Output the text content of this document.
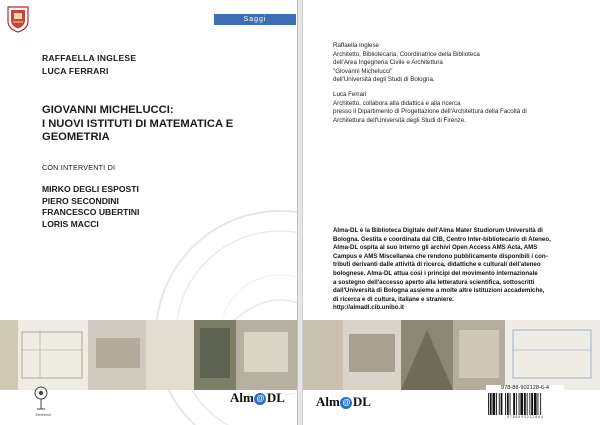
Saggi
RAFFAELLA INGLESE
LUCA FERRARI
GIOVANNI MICHELUCCI:
I NUOVI ISTITUTI DI MATEMATICA E
GEOMETRIA
CON INTERVENTI DI
MIRKO DEGLI ESPOSTI
PIERO SECONDINI
FRANCESCO UBERTINI
LORIS MACCI
Emtrend
Alm @ DL
Raffaella Inglese
Architetto, Bibliotecaria, Coordinatrice della Biblioteca
dell'Area Ingegneria Civile e Architettura
"Giovanni Michelucci"
dell'Università degli Studi di Bologna.
Luca Ferrari
Architetto, collabora alla didattica e alla ricerca
presso il Dipartimento di Progettazione dell'Architettura della Facoltà di
Architettura dell'Università degli Studi di Firenze.
Alma-DL è la Biblioteca Digitale dell'Alma Mater Studiorum Università di
Bologna. Gestita e coordinata dal CIB, Centro Inter-bibliotecario di Ateneo,
Alma-DL ospita al suo interno gli archivi Open Access AMS Acta, AMS
Campus e AMS Miscellanea che rendono pubblicamente disponibili i con-
tributi derivanti dalle attività di ricerca, didattiche e culturali dell'ateneo
bolognese. Alma-DL attua così i principi del movimento internazionale
a sostegno dell'accesso aperto alla letteratura scientifica, sottoscritti
dall'Università di Bologna assieme a molte altre istituzioni accademiche,
di ricerca e di cultura, italiane e straniere.
http://almadl.cib.unibo.it
Alm @ DL
978-88-902128-6-4
9 7 8 8 8 9 0 2 1 2 8 6 4
